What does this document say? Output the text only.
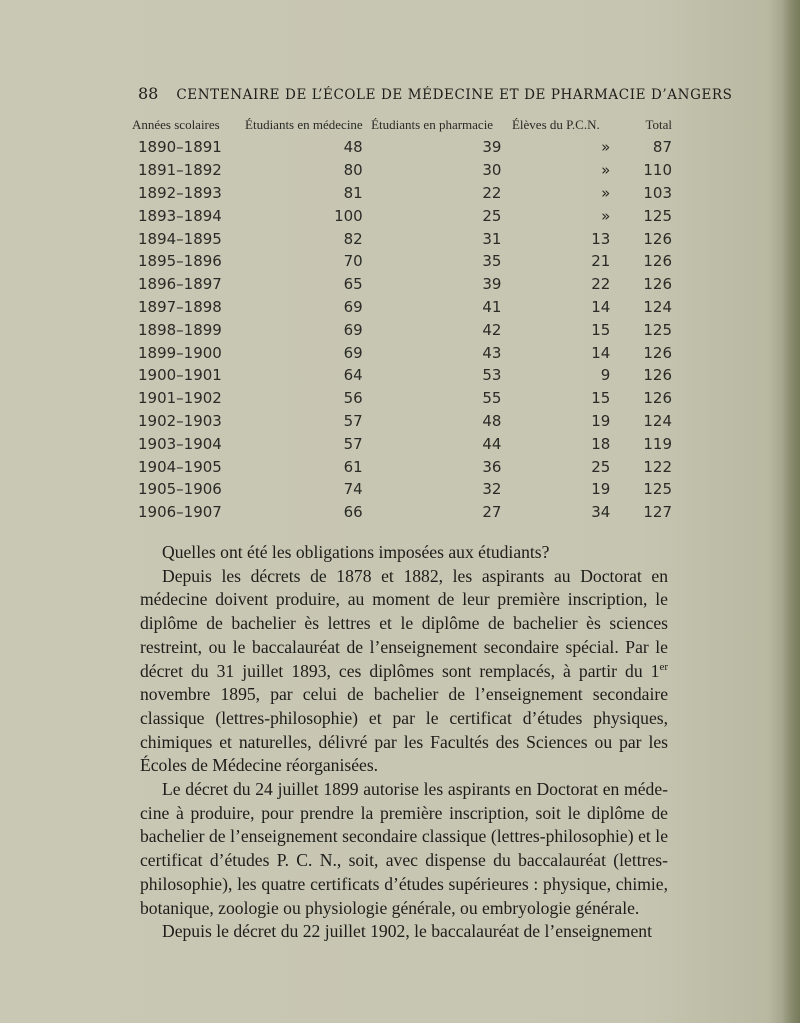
88 CENTENAIRE DE L’ÉCOLE DE MÉDECINE ET DE PHARMACIE D’ANGERS
Années scolaires	Étudiants en médecine	Étudiants en pharmacie	Élèves du P.C.N.	Total
1890–1891	48	39	»	87
1891–1892	80	30	»	110
1892–1893	81	22	»	103
1893–1894	100	25	»	125
1894–1895	82	31	13	126
1895–1896	70	35	21	126
1896–1897	65	39	22	126
1897–1898	69	41	14	124
1898–1899	69	42	15	125
1899–1900	69	43	14	126
1900–1901	64	53	9	126
1901–1902	56	55	15	126
1902–1903	57	48	19	124
1903–1904	57	44	18	119
1904–1905	61	36	25	122
1905–1906	74	32	19	125
1906–1907	66	27	34	127

Quelles ont été les obligations imposées aux étudiants?

Depuis les décrets de 1878 et 1882, les aspirants au Doctorat en médecine doivent produire, au moment de leur première inscription, le diplôme de bachelier ès lettres et le diplôme de bachelier ès sciences restreint, ou le baccalauréat de l’enseignement secondaire spécial. Par le décret du 31 juillet 1893, ces diplômes sont remplacés, à partir du 1er novembre 1895, par celui de bachelier de l’enseignement secondaire classique (lettres-philosophie) et par le certificat d’études physiques, chimiques et naturelles, délivré par les Facultés des Sciences ou par les Écoles de Médecine réorganisées.

Le décret du 24 juillet 1899 autorise les aspirants en Doctorat en médecine à produire, pour prendre la première inscription, soit le diplôme de bachelier de l’enseignement secondaire classique (lettres-philosophie) et le certificat d’études P. C. N., soit, avec dispense du baccalauréat (lettres-philosophie), les quatre certificats d’études supérieures : physique, chimie, botanique, zoologie ou physiologie générale, ou embryologie générale.

Depuis le décret du 22 juillet 1902, le baccalauréat de l’enseignement
